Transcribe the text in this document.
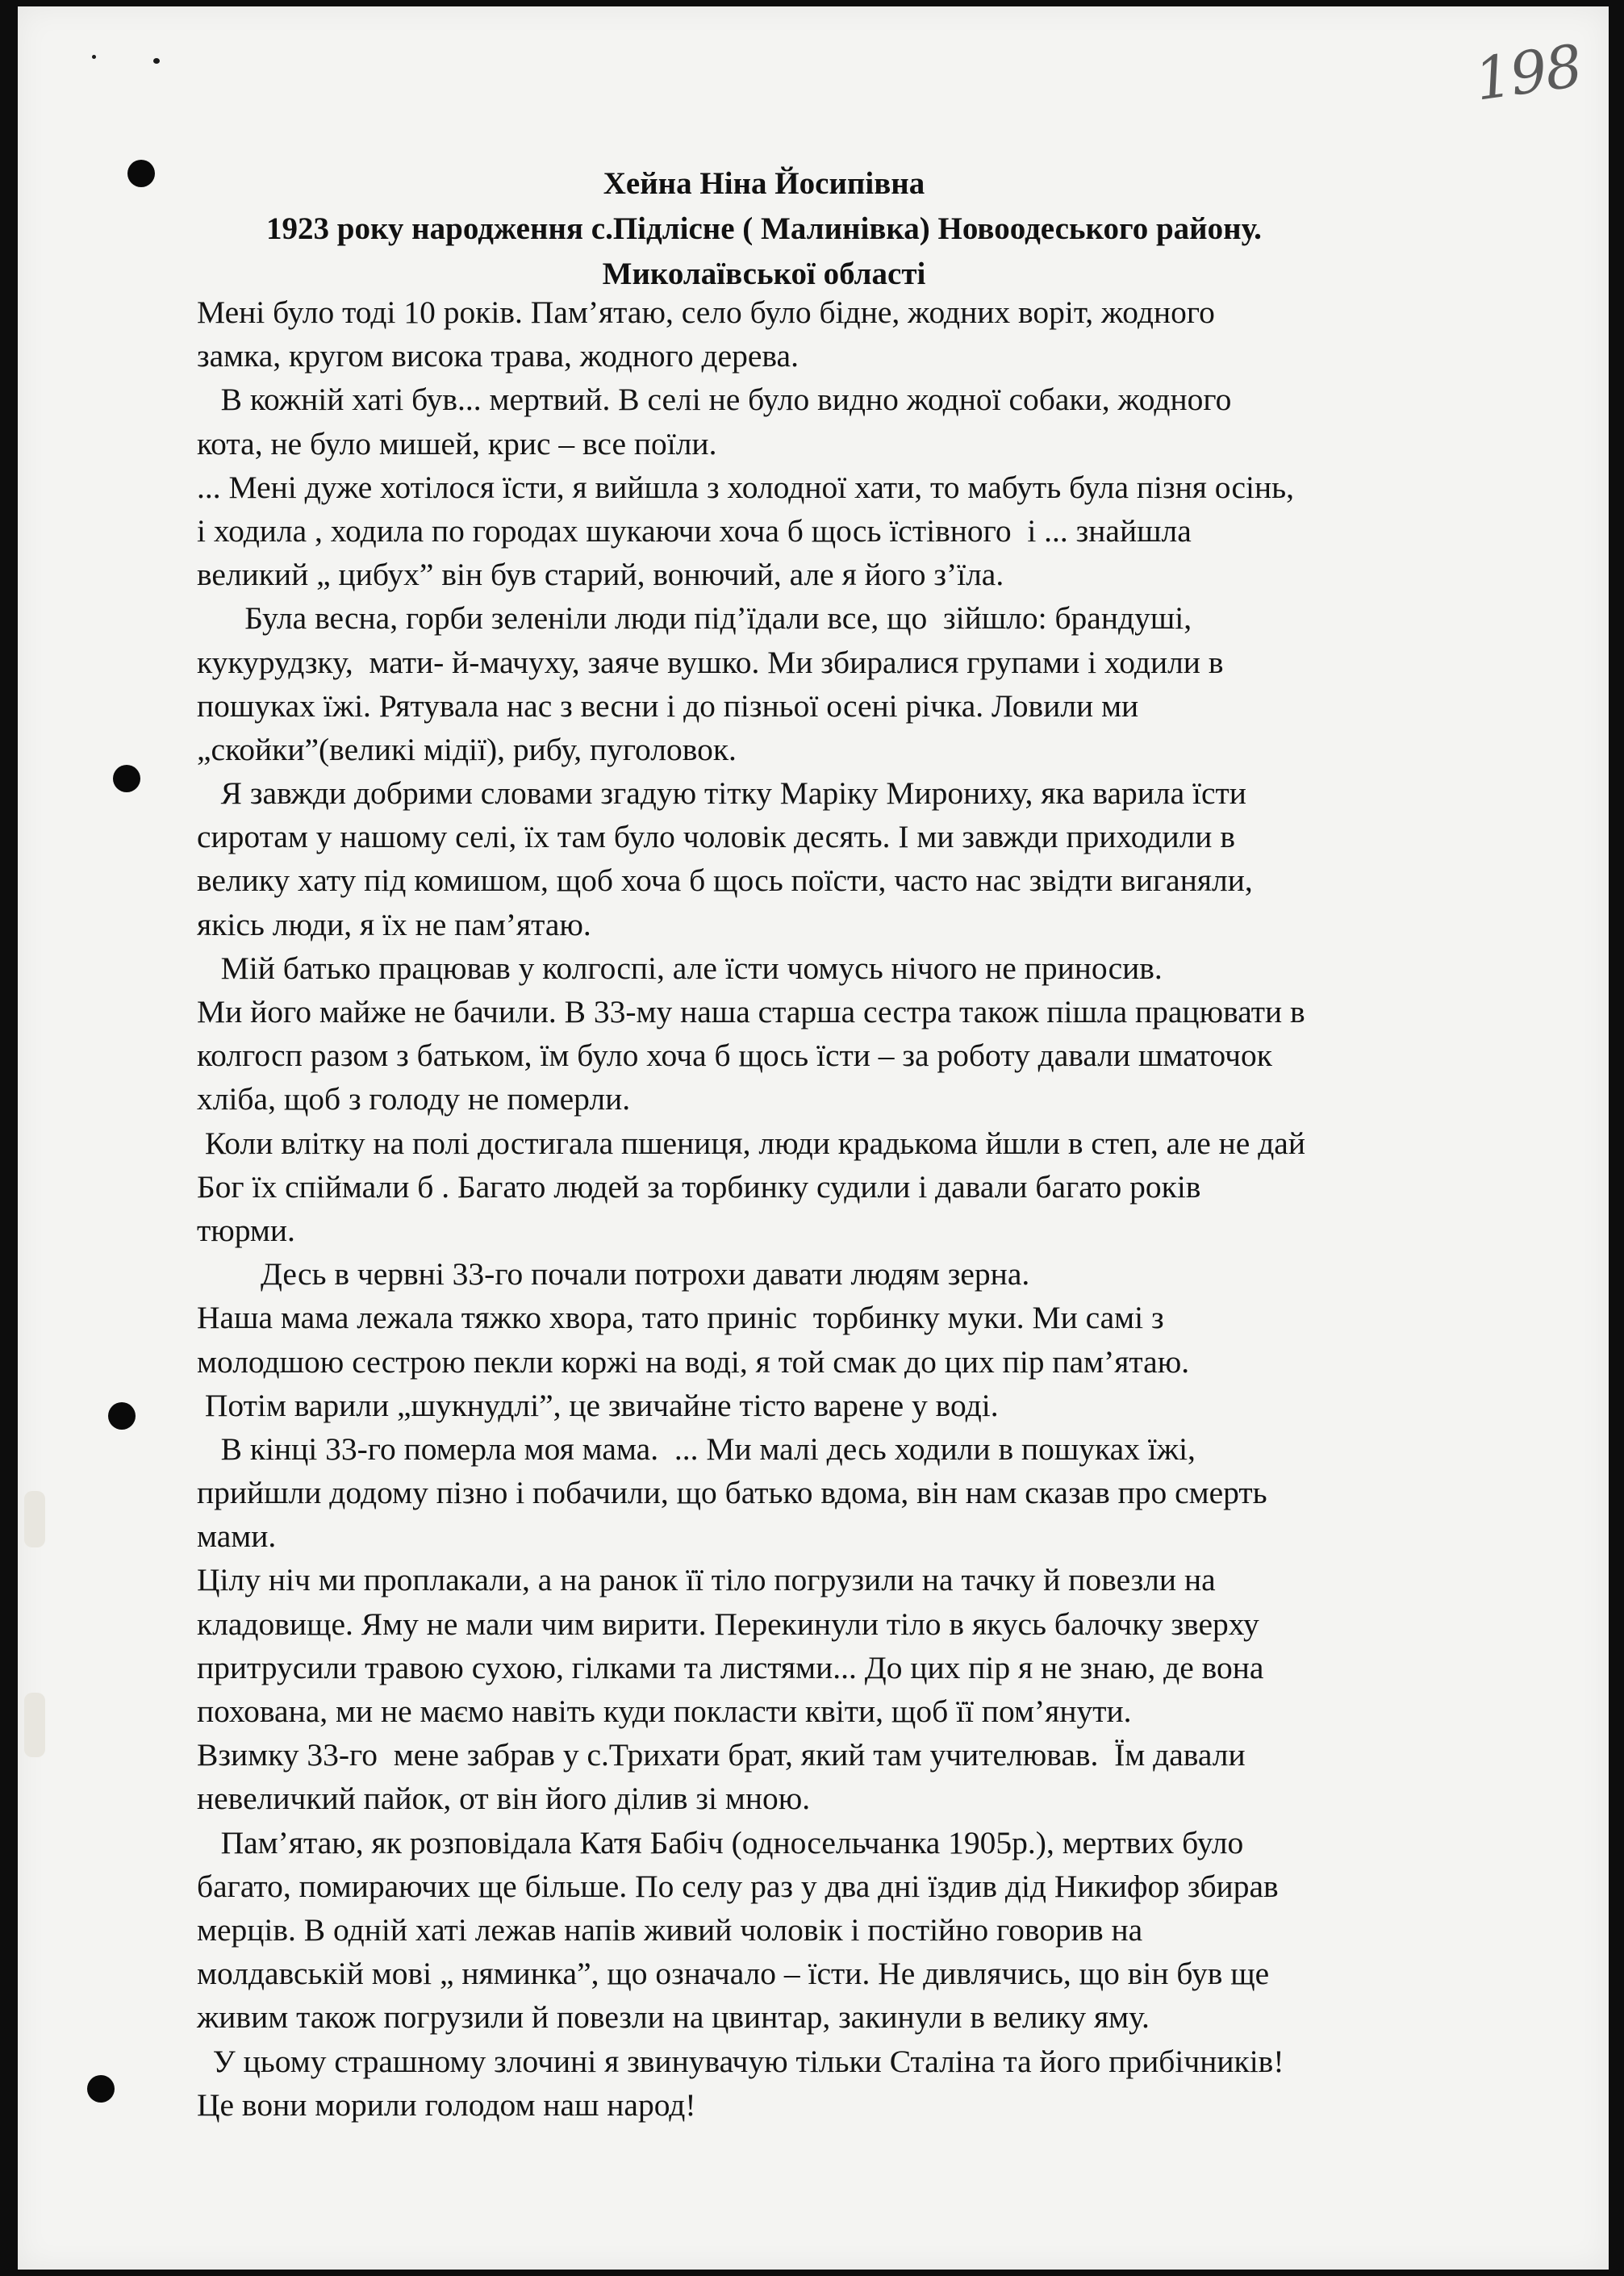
198
Хейна Ніна Йосипівна
1923 року народження с.Підлісне ( Малинівка) Новоодеського району.
Миколаївської області
Мені було тоді 10 років. Пам’ятаю, село було бідне, жодних воріт, жодного
замка, кругом висока трава, жодного дерева.
В кожній хаті був... мертвий. В селі не було видно жодної собаки, жодного
кота, не було мишей, крис – все поїли.
... Мені дуже хотілося їсти, я вийшла з холодної хати, то мабуть була пізня осінь,
і ходила , ходила по городах шукаючи хоча б щось їстівного  і ... знайшла
великий „ цибух” він був старий, вонючий, але я його з’їла.
Була весна, горби зеленіли люди під’їдали все, що  зійшло: брандуші,
кукурудзку,  мати- й-мачуху, заяче вушко. Ми збиралися групами і ходили в
пошуках їжі. Рятувала нас з весни і до пізньої осені річка. Ловили ми
„скойки”(великі мідії), рибу, пуголовок.
Я завжди добрими словами згадую тітку Маріку Мирониху, яка варила їсти
сиротам у нашому селі, їх там було чоловік десять. І ми завжди приходили в
велику хату під комишом, щоб хоча б щось поїсти, часто нас звідти виганяли,
якісь люди, я їх не пам’ятаю.
Мій батько працював у колгоспі, але їсти чомусь нічого не приносив.
Ми його майже не бачили. В 33-му наша старша сестра також пішла працювати в
колгосп разом з батьком, їм було хоча б щось їсти – за роботу давали шматочок
хліба, щоб з голоду не померли.
Коли влітку на полі достигала пшениця, люди крадькома йшли в степ, але не дай
Бог їх спіймали б . Багато людей за торбинку судили і давали багато років
тюрми.
Десь в червні 33-го почали потрохи давати людям зерна.
Наша мама лежала тяжко хвора, тато приніс  торбинку муки. Ми самі з
молодшою сестрою пекли коржі на воді, я той смак до цих пір пам’ятаю.
Потім варили „шукнудлі”, це звичайне тісто варене у воді.
В кінці 33-го померла моя мама.  ... Ми малі десь ходили в пошуках їжі,
прийшли додому пізно і побачили, що батько вдома, він нам сказав про смерть
мами.
Цілу ніч ми проплакали, а на ранок її тіло погрузили на тачку й повезли на
кладовище. Яму не мали чим вирити. Перекинули тіло в якусь балочку зверху
притрусили травою сухою, гілками та листями... До цих пір я не знаю, де вона
похована, ми не маємо навіть куди покласти квіти, щоб її пом’янути.
Взимку 33-го  мене забрав у с.Трихати брат, який там учителював.  Їм давали
невеличкий пайок, от він його ділив зі мною.
Пам’ятаю, як розповідала Катя Бабіч (односельчанка 1905р.), мертвих було
багато, помираючих ще більше. По селу раз у два дні їздив дід Никифор збирав
мерців. В одній хаті лежав напів живий чоловік і постійно говорив на
молдавській мові „ няминка”, що означало – їсти. Не дивлячись, що він був ще
живим також погрузили й повезли на цвинтар, закинули в велику яму.
У цьому страшному злочині я звинувачую тільки Сталіна та його прибічників!
Це вони морили голодом наш народ!
